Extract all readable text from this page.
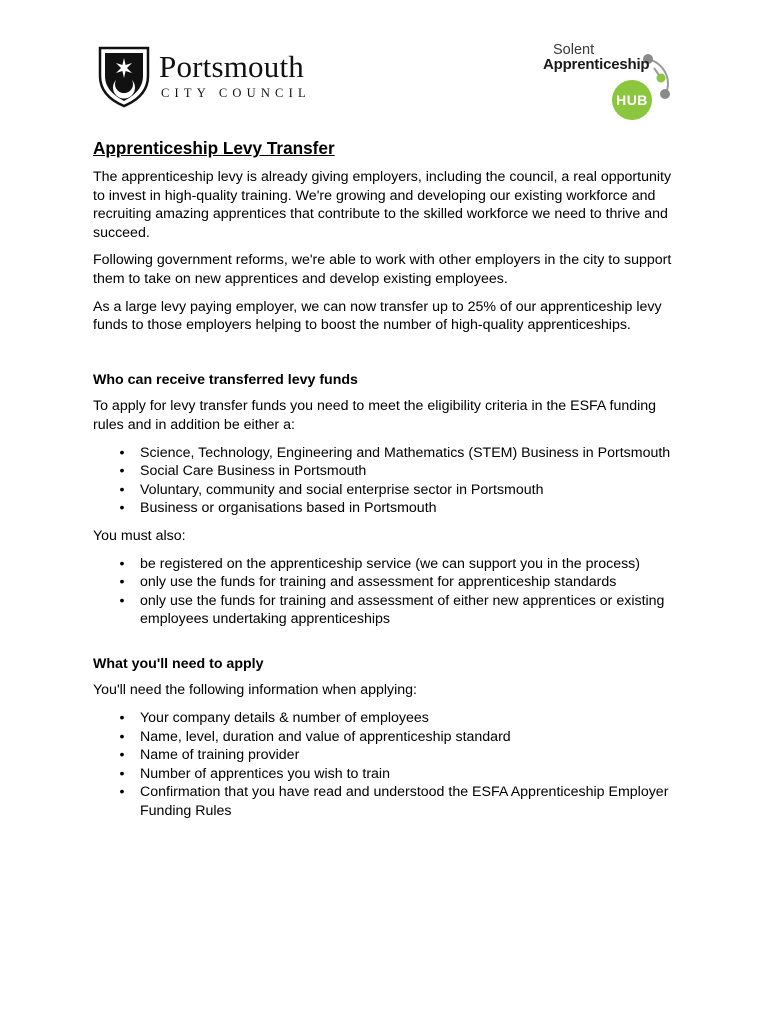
Portsmouth
CITY COUNCIL
Solent
Apprenticeship
HUB
Apprenticeship Levy Transfer

The apprenticeship levy is already giving employers, including the council, a real opportunity to invest in high-quality training. We're growing and developing our existing workforce and recruiting amazing apprentices that contribute to the skilled workforce we need to thrive and succeed.

Following government reforms, we're able to work with other employers in the city to support them to take on new apprentices and develop existing employees.

As a large levy paying employer, we can now transfer up to 25% of our apprenticeship levy funds to those employers helping to boost the number of high-quality apprenticeships.

Who can receive transferred levy funds

To apply for levy transfer funds you need to meet the eligibility criteria in the ESFA funding rules and in addition be either a:

• Science, Technology, Engineering and Mathematics (STEM) Business in Portsmouth
• Social Care Business in Portsmouth
• Voluntary, community and social enterprise sector in Portsmouth
• Business or organisations based in Portsmouth

You must also:

• be registered on the apprenticeship service (we can support you in the process)
• only use the funds for training and assessment for apprenticeship standards
• only use the funds for training and assessment of either new apprentices or existing employees undertaking apprenticeships
What you'll need to apply

You'll need the following information when applying:

• Your company details & number of employees
• Name, level, duration and value of apprenticeship standard
• Name of training provider
• Number of apprentices you wish to train
• Confirmation that you have read and understood the ESFA Apprenticeship Employer Funding Rules
